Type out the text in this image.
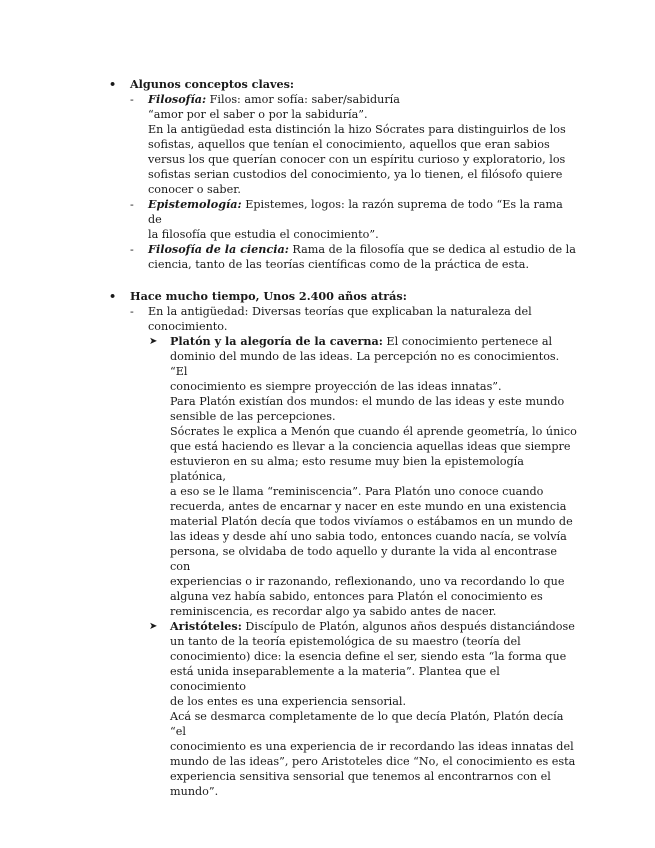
• Algunos conceptos claves:
- Filosofía: Filos: amor sofía: saber/sabiduría
“amor por el saber o por la sabiduría”.
En la antigüedad esta distinción la hizo Sócrates para distinguirlos de los
sofistas, aquellos que tenían el conocimiento, aquellos que eran sabios
versus los que querían conocer con un espíritu curioso y exploratorio, los
sofistas serian custodios del conocimiento, ya lo tienen, el filósofo quiere
conocer o saber.
- Epistemología: Epistemes, logos: la razón suprema de todo “Es la rama de
la filosofía que estudia el conocimiento”.
- Filosofía de la ciencia: Rama de la filosofía que se dedica al estudio de la
ciencia, tanto de las teorías científicas como de la práctica de esta.
• Hace mucho tiempo, Unos 2.400 años atrás:
- En la antigüedad: Diversas teorías que explicaban la naturaleza del
conocimiento.
➤ Platón y la alegoría de la caverna: El conocimiento pertenece al
dominio del mundo de las ideas. La percepción no es conocimientos. “El
conocimiento es siempre proyección de las ideas innatas”.
Para Platón existían dos mundos: el mundo de las ideas y este mundo
sensible de las percepciones.
Sócrates le explica a Menón que cuando él aprende geometría, lo único
que está haciendo es llevar a la conciencia aquellas ideas que siempre
estuvieron en su alma; esto resume muy bien la epistemología platónica,
a eso se le llama “reminiscencia”. Para Platón uno conoce cuando
recuerda, antes de encarnar y nacer en este mundo en una existencia
material Platón decía que todos vivíamos o estábamos en un mundo de
las ideas y desde ahí uno sabia todo, entonces cuando nacía, se volvía
persona, se olvidaba de todo aquello y durante la vida al encontrase con
experiencias o ir razonando, reflexionando, uno va recordando lo que
alguna vez había sabido, entonces para Platón el conocimiento es
reminiscencia, es recordar algo ya sabido antes de nacer.
➤ Aristóteles: Discípulo de Platón, algunos años después distanciándose
un tanto de la teoría epistemológica de su maestro (teoría del
conocimiento) dice: la esencia define el ser, siendo esta “la forma que
está unida inseparablemente a la materia”. Plantea que el conocimiento
de los entes es una experiencia sensorial.
Acá se desmarca completamente de lo que decía Platón, Platón decía “el
conocimiento es una experiencia de ir recordando las ideas innatas del
mundo de las ideas”, pero Aristoteles dice “No, el conocimiento es esta
experiencia sensitiva sensorial que tenemos al encontrarnos con el
mundo”.
